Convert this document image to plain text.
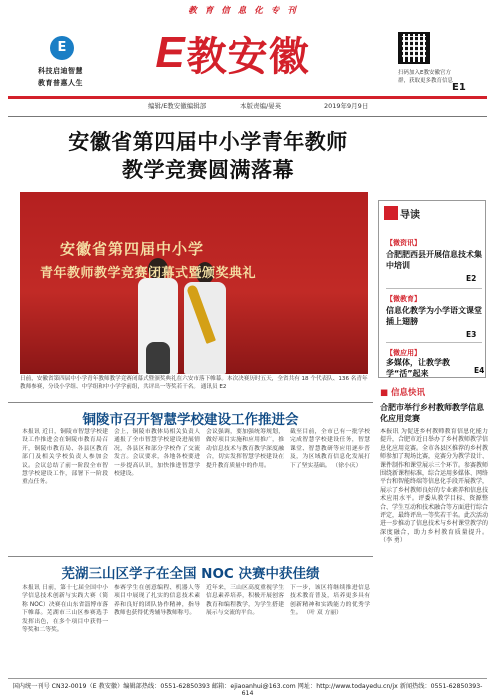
E
科技启迪智慧
教育普惠人生
教育信息化专刊
E 教安徽	扫码加入E教安徽官方
群，获取更多教育信息
E1
编辑/E教安徽编辑部	本版责编/晏英	2019年9月9日
安徽省第四届中小学青年教师
教学竞赛圆满落幕
安徽省第四届中小学
青年教师教学竞赛闭幕式暨颁奖典礼
日前，安徽省第四届中小学青年教师教学竞赛闭幕式暨颁奖典礼在六安市落下帷幕。本次决赛历时五天，全省共有 18 个代表队、136 名青年教师参赛，分设小学组、中学组和中小学学前组，共评出一等奖若干名。 通讯员 E2
导读
【微资讯】
合肥肥西县开展信息技术集中培训
E2
【微教育】
信息化教学为小学语文课堂插上翅膀
E3
【微应用】
多媒体，让教学教学“活”起来	E4
■ 信息快讯
合肥市举行乡村教师教学信息化应用竞赛
本报讯 为促进乡村教师教育信息化能力提升，合肥市近日举办了乡村教师教学信息化应用竞赛。全市各县区推荐的乡村教师参加了现场比赛，竞赛分为教学设计、课件制作和课堂展示三个环节。参赛教师围绕新课程标准，综合运用多媒体、网络平台和智能终端等信息化手段开展教学，展示了乡村教师良好的专业素养和信息技术应用水平。评委从教学目标、资源整合、学生互动和技术融合等方面进行综合评定，最终评出一等奖若干名。此次活动进一步推动了信息技术与乡村课堂教学的深度融合，助力乡村教育质量提升。 （李 勇）
铜陵市召开智慧学校建设工作推进会
本报讯 近日，铜陵市智慧学校建设工作推进会在铜陵市教育局召开，铜陵市教育局、各县区教育部门及相关学校负责人参加会议。会议总结了前一阶段全市智慧学校建设工作，部署下一阶段重点任务。
会上，铜陵市教体局相关负责人通报了全市智慧学校建设进展情况，各县区和部分学校作了交流发言。会议要求，各地各校要进一步提高认识，加快推进智慧学校建设。
会议强调，要加强统筹规划，做好项目实施和应用推广，推动信息技术与教育教学深度融合，切实发挥智慧学校建设在提升教育质量中的作用。
截至目前，全市已有一批学校完成智慧学校建设任务，智慧课堂、智慧教研等应用逐步普及，为区域教育信息化发展打下了坚实基础。 （徐小庆）
芜湖三山区学子在全国 NOC 决赛中获佳绩
本报讯 日前，第十七届全国中小学信息技术创新与实践大赛（简称 NOC）决赛在山东省淄博市落下帷幕。芜湖市三山区参赛选手发挥出色，在多个项目中获得一等奖和二等奖。
参赛学生在创意编程、机器人等项目中展现了扎实的信息技术素养和良好的团队协作精神，指导教师也获得优秀辅导教师称号。
近年来，三山区高度重视学生信息素养培养，积极开展创客教育和编程教学，为学生搭建展示与交流的平台。
下一步，该区将继续推进信息技术教育普及，培养更多具有创新精神和实践能力的优秀学生。 （叶 双 方丽）
国内统一刊号 CN32-0019（E 教安徽）编辑部热线：0551-62850393 邮箱：ejiaoanhui@163.com 网址：http://www.todayedu.cn/jx 新闻热线：0551-62850393-614
